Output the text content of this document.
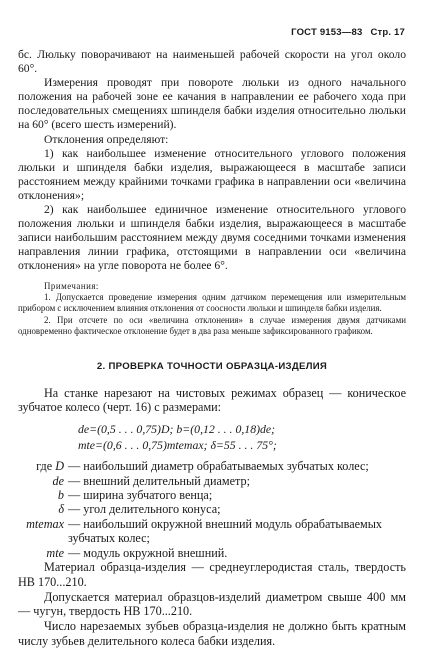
ГОСТ 9153—83 Стр. 17

бс. Люльку поворачивают на наименьшей рабочей скорости на угол около 60°.

Измерения проводят при повороте люльки из одного начального положения на рабочей зоне ее качания в направлении ее рабочего хода при последовательных смещениях шпинделя бабки изделия относительно люльки на 60° (всего шесть измерений).

Отклонения определяют:

1) как наибольшее изменение относительного углового положения люльки и шпинделя бабки изделия, выражающееся в масштабе записи расстоянием между крайними точками графика в направлении оси «величина отклонения»;

2) как наибольшее единичное изменение относительного углового положения люльки и шпинделя бабки изделия, выражающееся в масштабе записи наибольшим расстоянием между двумя соседними точками изменения направления линии графика, отстоящими в направлении оси «величина отклонения» на угле поворота не более 6°.

Примечания:

1. Допускается проведение измерения одним датчиком перемещения или измерительным прибором с исключением влияния отклонения от соосности люльки и шпинделя бабки изделия.

2. При отсчете по оси «величина отклонения» в случае измерения двумя датчиками одновременно фактическое отклонение будет в два раза меньше зафиксированного графиком.

2. ПРОВЕРКА ТОЧНОСТИ ОБРАЗЦА-ИЗДЕЛИЯ

На станке нарезают на чистовых режимах образец — коническое зубчатое колесо (черт. 16) с размерами:

de=(0,5 . . . 0,75)D; b=(0,12 . . . 0,18)de;
mte=(0,6 . . . 0,75)mtemax; δ=55 . . . 75°;
где D — наибольший диаметр обрабатываемых зубчатых колес;
de — внешний делительный диаметр;
b — ширина зубчатого венца;
δ — угол делительного конуса;
mtemax — наибольший окружной внешний модуль обрабатываемых зубчатых колес;
mte — модуль окружной внешний.

Материал образца-изделия — среднеуглеродистая сталь, твердость НВ 170...210.

Допускается материал образцов-изделий диаметром свыше 400 мм — чугун, твердость НВ 170...210.

Число нарезаемых зубьев образца-изделия не должно быть кратным числу зубьев делительного колеса бабки изделия.
